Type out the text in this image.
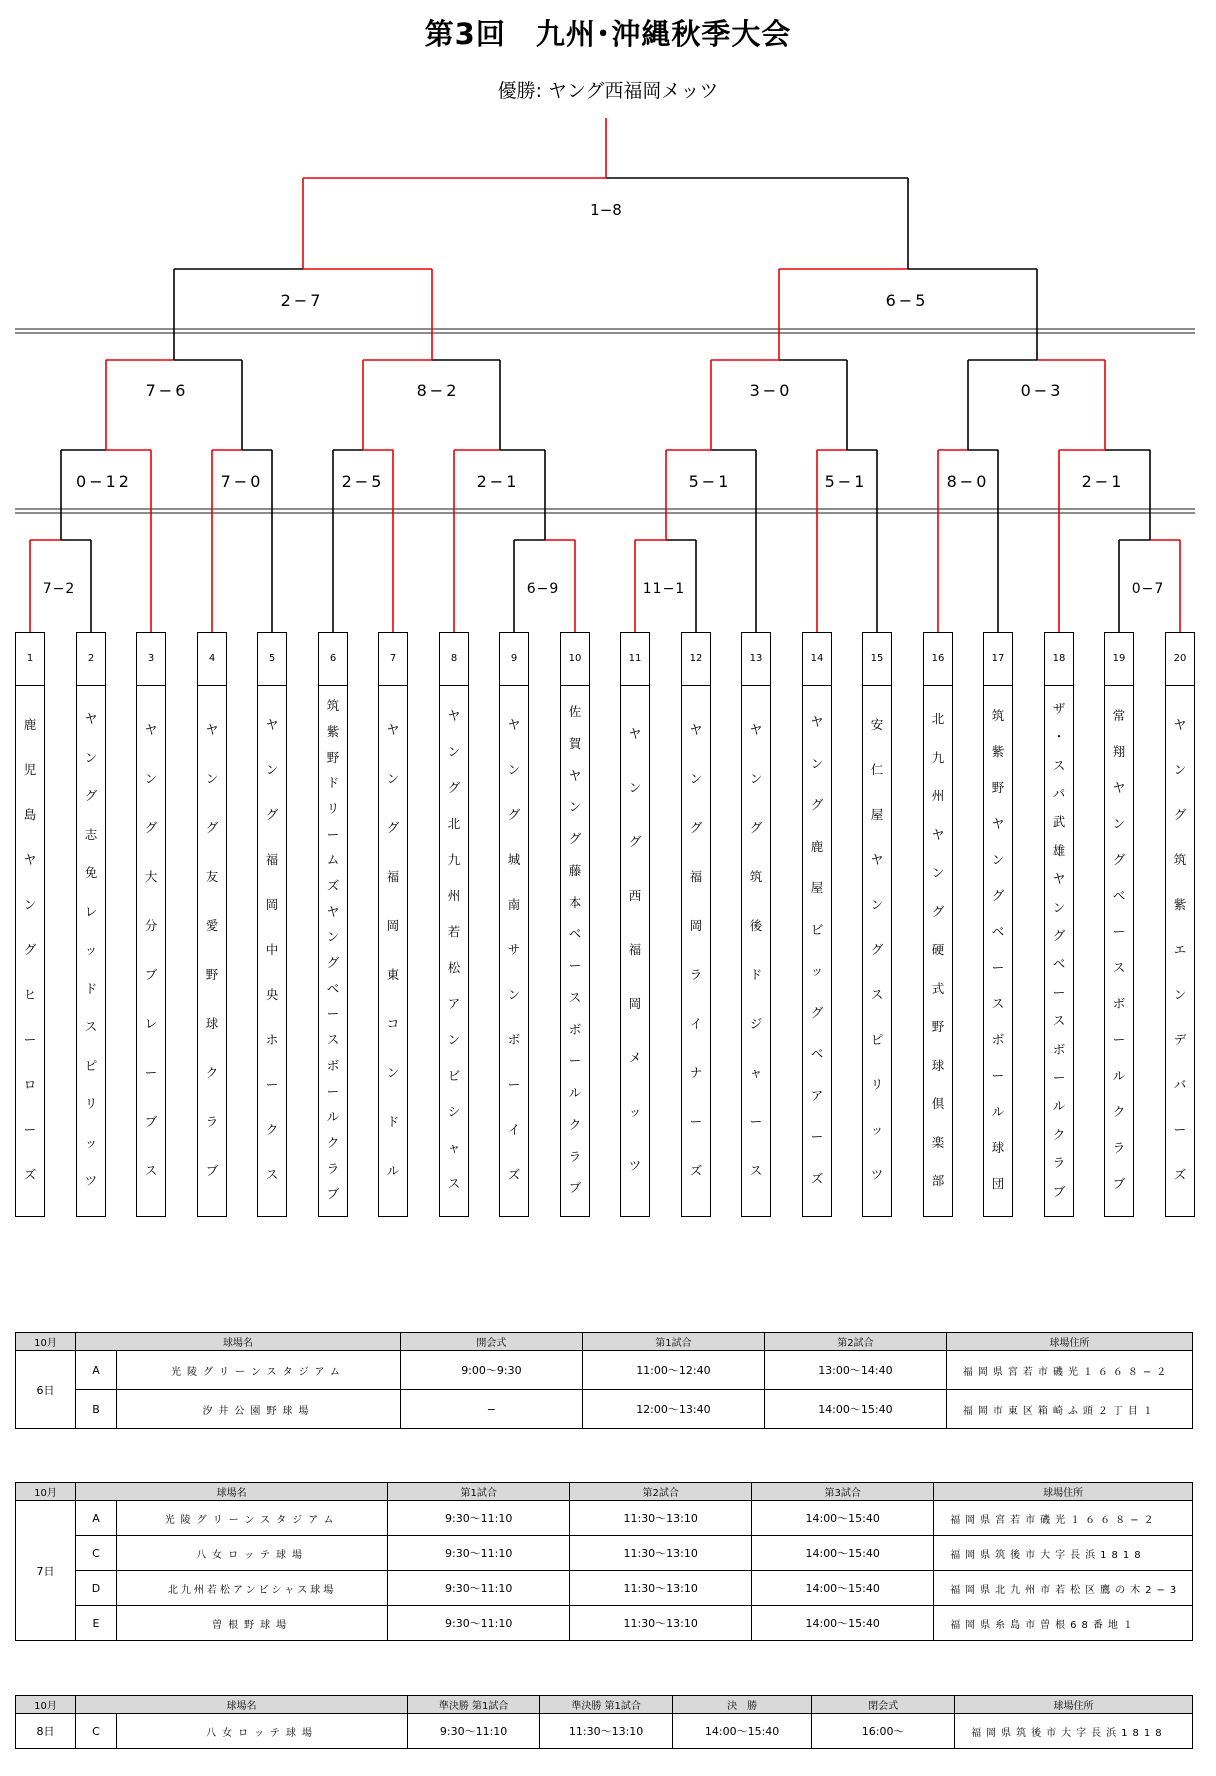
第3回　九州･沖縄秋季大会
優勝: ヤング西福岡メッツ
1−8
2−7	6−5
7−6	8−2	3−0	0−3
0−12	7−0	2−5	2−1	5−1	5−1	8−0	2−1
7−2	6−9	11−1	0−7
1
鹿
児
島
ヤ
ン
グ
ヒ
ー
ロ
ー
ズ
2
ヤ
ン
グ
志
免
レ
ッ
ド
ス
ピ
リ
ッ
ツ
3
ヤ
ン
グ
大
分
ブ
レ
ー
ブ
ス
4
ヤ
ン
グ
友
愛
野
球
ク
ラ
ブ
5
ヤ
ン
グ
福
岡
中
央
ホ
ー
ク
ス
6
筑
紫
野
ド
リ
ー
ム
ズ
ヤ
ン
グ
ベ
ー
ス
ボ
ー
ル
ク
ラ
ブ
7
ヤ
ン
グ
福
岡
東
コ
ン
ド
ル
8
ヤ
ン
グ
北
九
州
若
松
ア
ン
ビ
シ
ャ
ス
9
ヤ
ン
グ
城
南
サ
ン
ボ
ー
イ
ズ
10
佐
賀
ヤ
ン
グ
藤
本
ベ
ー
ス
ボ
ー
ル
ク
ラ
ブ
11
ヤ
ン
グ
西
福
岡
メ
ッ
ツ
12
ヤ
ン
グ
福
岡
ラ
イ
ナ
ー
ズ
13
ヤ
ン
グ
筑
後
ド
ジ
ャ
ー
ス
14
ヤ
ン
グ
鹿
屋
ビ
ッ
グ
ベ
ア
ー
ズ
15
安
仁
屋
ヤ
ン
グ
ス
ピ
リ
ッ
ツ
16
北
九
州
ヤ
ン
グ
硬
式
野
球
倶
楽
部
17
筑
紫
野
ヤ
ン
グ
ベ
ー
ス
ボ
ー
ル
球
団
18
ザ
・
ス
パ
武
雄
ヤ
ン
グ
ベ
ー
ス
ボ
ー
ル
ク
ラ
ブ
19
常
翔
ヤ
ン
グ
ベ
ー
ス
ボ
ー
ル
ク
ラ
ブ
20
ヤ
ン
グ
筑
紫
エ
ン
デ
バ
ー
ズ
10月	球場名		開会式	第1試合	第2試合	球場住所
6日	A	光陵グリーンスタジアム	9:00〜9:30	11:00〜12:40	13:00〜14:40	福岡県宮若市磯光１６６８−２
	B	汐井公園野球場	−	12:00〜13:40	14:00〜15:40	福岡市東区箱崎ふ頭２丁目１
10月	球場名		第1試合	第2試合	第3試合	球場住所
7日	A	光陵グリーンスタジアム	9:30〜11:10	11:30〜13:10	14:00〜15:40	福岡県宮若市磯光１６６８−２
	C	八女ロッテ球場	9:30〜11:10	11:30〜13:10	14:00〜15:40	福岡県筑後市大字長浜1818
	D	北九州若松アンビシャス球場	9:30〜11:10	11:30〜13:10	14:00〜15:40	福岡県北九州市若松区鷹の木2−3
	E	曽根野球場	9:30〜11:10	11:30〜13:10	14:00〜15:40	福岡県糸島市曽根68番地１
10月	球場名		準決勝 第1試合	準決勝 第1試合	決　勝	閉会式	球場住所
8日	C	八女ロッテ球場	9:30〜11:10	11:30〜13:10	14:00〜15:40	16:00〜	福岡県筑後市大字長浜1818
